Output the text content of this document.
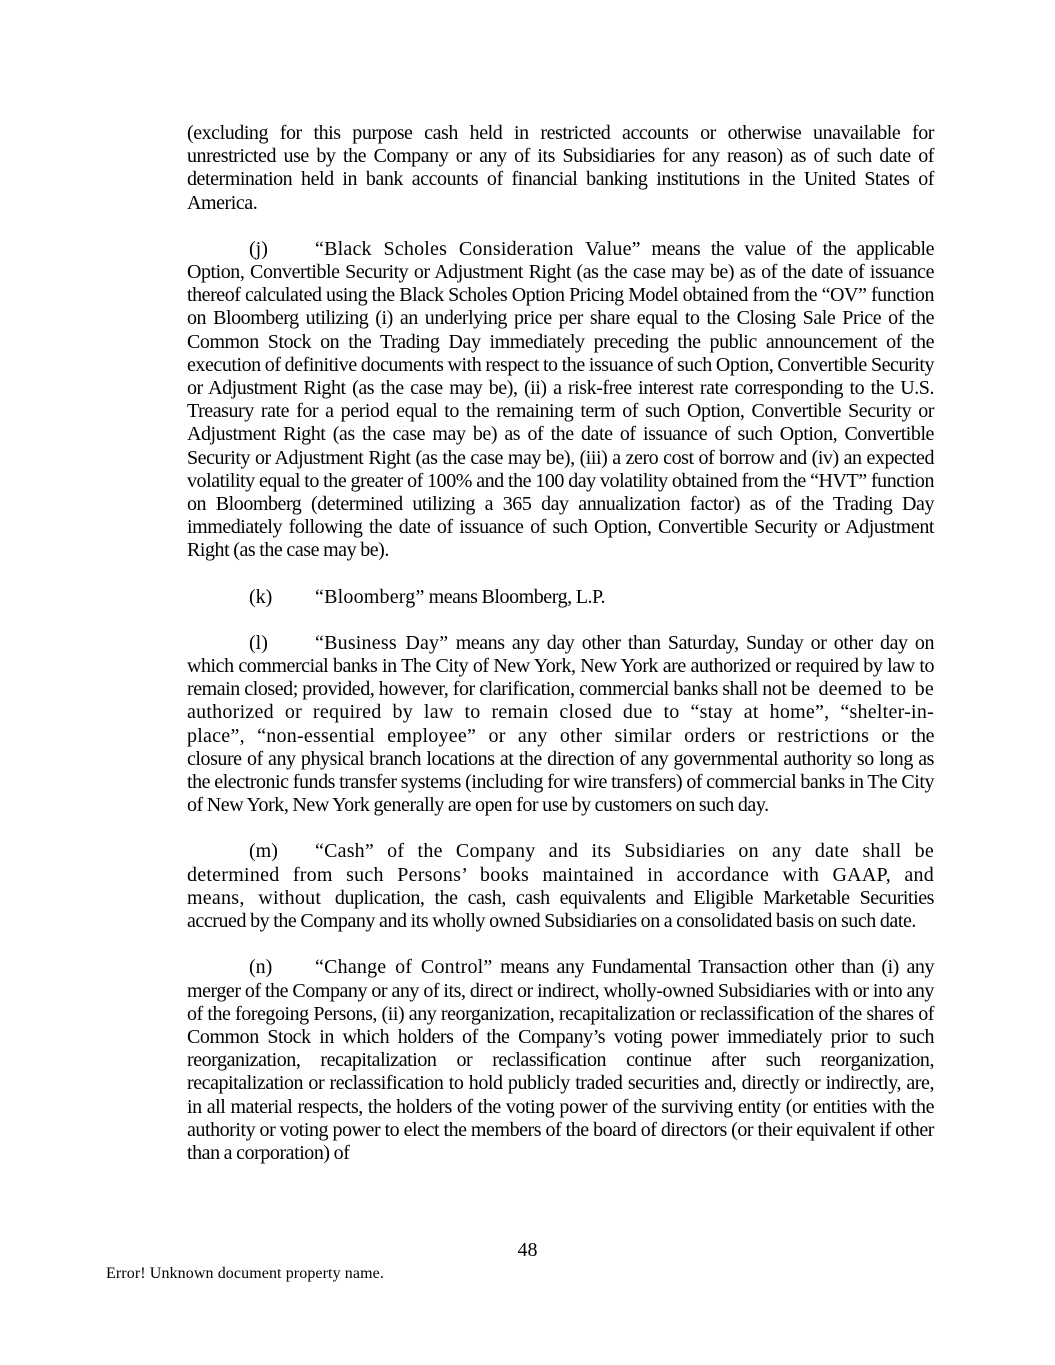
(excluding for this purpose cash held in restricted accounts or otherwise unavailable for unrestricted use by the Company or any of its Subsidiaries for any reason) as of such date of determination held in bank accounts of financial banking institutions in the United States of America.

(j) “Black Scholes Consideration Value” means the value of the applicable Option, Convertible Security or Adjustment Right (as the case may be) as of the date of issuance thereof calculated using the Black Scholes Option Pricing Model obtained from the “OV” function on Bloomberg utilizing (i) an underlying price per share equal to the Closing Sale Price of the Common Stock on the Trading Day immediately preceding the public announcement of the execution of definitive documents with respect to the issuance of such Option, Convertible Security or Adjustment Right (as the case may be), (ii) a risk-free interest rate corresponding to the U.S. Treasury rate for a period equal to the remaining term of such Option, Convertible Security or Adjustment Right (as the case may be) as of the date of issuance of such Option, Convertible Security or Adjustment Right (as the case may be), (iii) a zero cost of borrow and (iv) an expected volatility equal to the greater of 100% and the 100 day volatility obtained from the “HVT” function on Bloomberg (determined utilizing a 365 day annualization factor) as of the Trading Day immediately following the date of issuance of such Option, Convertible Security or Adjustment Right (as the case may be).

(k) “Bloomberg” means Bloomberg, L.P.

(l) “Business Day” means any day other than Saturday, Sunday or other day on which commercial banks in The City of New York, New York are authorized or required by law to remain closed; provided, however, for clarification, commercial banks shall not be deemed to be authorized or required by law to remain closed due to “stay at home”, “shelter-in-place”, “non-essential employee” or any other similar orders or restrictions or the closure of any physical branch locations at the direction of any governmental authority so long as the electronic funds transfer systems (including for wire transfers) of commercial banks in The City of New York, New York generally are open for use by customers on such day.

(m) “Cash” of the Company and its Subsidiaries on any date shall be determined from such Persons’ books maintained in accordance with GAAP, and means, without duplication, the cash, cash equivalents and Eligible Marketable Securities accrued by the Company and its wholly owned Subsidiaries on a consolidated basis on such date.

(n) “Change of Control” means any Fundamental Transaction other than (i) any merger of the Company or any of its, direct or indirect, wholly-owned Subsidiaries with or into any of the foregoing Persons, (ii) any reorganization, recapitalization or reclassification of the shares of Common Stock in which holders of the Company’s voting power immediately prior to such reorganization, recapitalization or reclassification continue after such reorganization, recapitalization or reclassification to hold publicly traded securities and, directly or indirectly, are, in all material respects, the holders of the voting power of the surviving entity (or entities with the authority or voting power to elect the members of the board of directors (or their equivalent if other than a corporation) of

48
Error! Unknown document property name.
